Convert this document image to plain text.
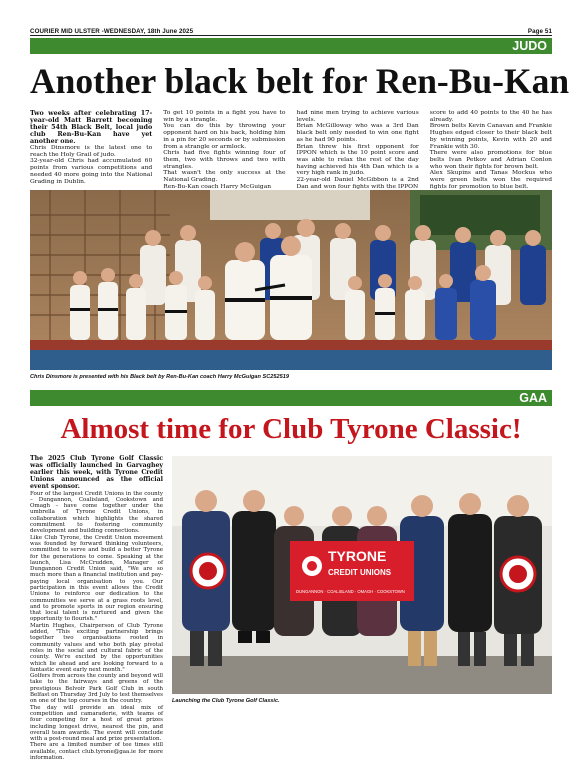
COURIER MID ULSTER -WEDNESDAY, 18th June 2025	Page 51
JUDO
Another black belt for Ren-Bu-Kan

Two weeks after celebrating 17-year-old Matt Barrett becoming their 54th Black Belt, local judo club Ren-Bu-Kan have yet another one.

Chris Dinsmore is the latest one to reach the Holy Grail of judo.

32-year-old Chris had accumulated 60 points from various competitions and needed 40 more going into the National Grading in Dublin.

To get 10 points in a fight you have to win by a strangle.

You can do this by throwing your opponent hard on his back, holding him in a pin for 20 seconds or by submission from a strangle or armlock.

Chris had five fights winning four of them, two with throws and two with strangles.

That wasn't the only success at the National Grading.

Ren-Bu-Kan coach Harry McGuigan

had nine men trying to achieve various levels.

Brian McGilloway who was a 3rd Dan black belt only needed to win one fight as he had 90 points.

Brian threw his first opponent for IPPON which is the 10 point score and was able to relax the rest of the day having achieved his 4th Dan which is a very high rank in judo.

22-year-old Daniel McGibbon is a 2nd Dan and won four fights with the IPPON

score to add 40 points to the 40 he has already.

Brown belts Kevin Canavan and Frankie Hughes edged closer to their black belt by winning points, Kevin with 20 and Frankie with 30.

There were also promotions for blue belts Ivan Petkov and Adrian Conlon who won their fights for brown belt.

Alex Skupins and Tanas Mockus who were green belts won the required fights for promotion to blue belt.

Chris Dinsmore is presented with his Black belt by Ren-Bu-Kan coach Harry McGuigan SC252519
GAA
Almost time for Club Tyrone Classic!

The 2025 Club Tyrone Golf Classic was officially launched in Garvaghey earlier this week, with Tyrone Credit Unions announced as the official event sponsor.

Four of the largest Credit Unions in the county – Dungannon, Coalisland, Cookstown and Omagh – have come together under the umbrella of Tyrone Credit Unions, in collaboration which highlights the shared commitment to fostering community development and building connections.

Like Club Tyrone, the Credit Union movement was founded by forward thinking volunteers, committed to serve and build a better Tyrone for the generations to come. Speaking at the launch, Lisa McCrudden, Manager of Dungannon Credit Union said, "We are so much more than a financial institution and pay-paying local organisation to you. Our participation in this event allows the Credit Unions to reinforce our dedication to the communities we serve at a grass roots level, and to promote sports in our region ensuring that local talent is nurtured and given the opportunity to flourish."

Martin Hughes, Chairperson of Club Tyrone added, "This exciting partnership brings together two organisations rooted in community values and who both play pivotal roles in the social and cultural fabric of the county. We're excited by the opportunities which lie ahead and are looking forward to a fantastic event early next month."

Golfers from across the county and beyond will take to the fairways and greens of the prestigious Belvoir Park Golf Club in south Belfast on Thursday 3rd July to test themselves on one of the top courses in the country.

The day will provide an ideal mix of competition and camaraderie, with teams of four competing for a host of great prizes including longest drive, nearest the pin, and overall team awards. The event will conclude with a post-round meal and prize presentation.

There are a limited number of tee times still available, contact club.tyrone@gaa.ie for more information.

TYRONE
CREDIT UNIONS
DUNGANNON · COALISLAND · OMAGH · COOKSTOWN
Launching the Club Tyrone Golf Classic.
